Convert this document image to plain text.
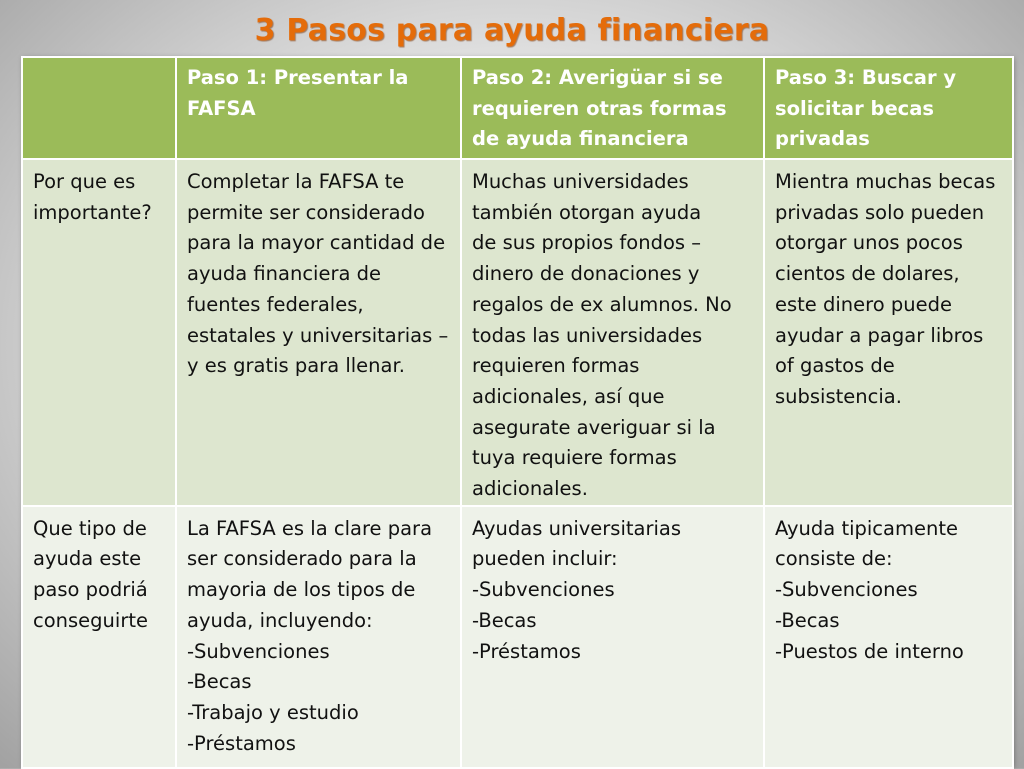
3 Pasos para ayuda financiera
	Paso 1: Presentar la FAFSA	Paso 2: Averigüar si se requieren otras formas de ayuda financiera	Paso 3: Buscar y solicitar becas privadas

Por que es importante?	Completar la FAFSA te permite ser considerado para la mayor cantidad de ayuda financiera de fuentes federales, estatales y universitarias – y es gratis para llenar.	Muchas universidades también otorgan ayuda
de sus propios fondos – dinero de donaciones y regalos de ex alumnos. No todas las universidades requieren formas adicionales, así que asegurate averiguar si la tuya requiere formas adicionales.	Mientra muchas becas privadas solo pueden otorgar unos pocos cientos de dolares, este dinero puede ayudar a pagar libros of gastos de subsistencia.

Que tipo de ayuda este paso podriá conseguirte	La FAFSA es la clare para ser considerado para la mayoria de los tipos de ayuda, incluyendo:
-Subvenciones
-Becas
-Trabajo y estudio
-Préstamos	Ayudas universitarias pueden incluir:
-Subvenciones
-Becas
-Préstamos	Ayuda tipicamente consiste de:
-Subvenciones
-Becas
-Puestos de interno
